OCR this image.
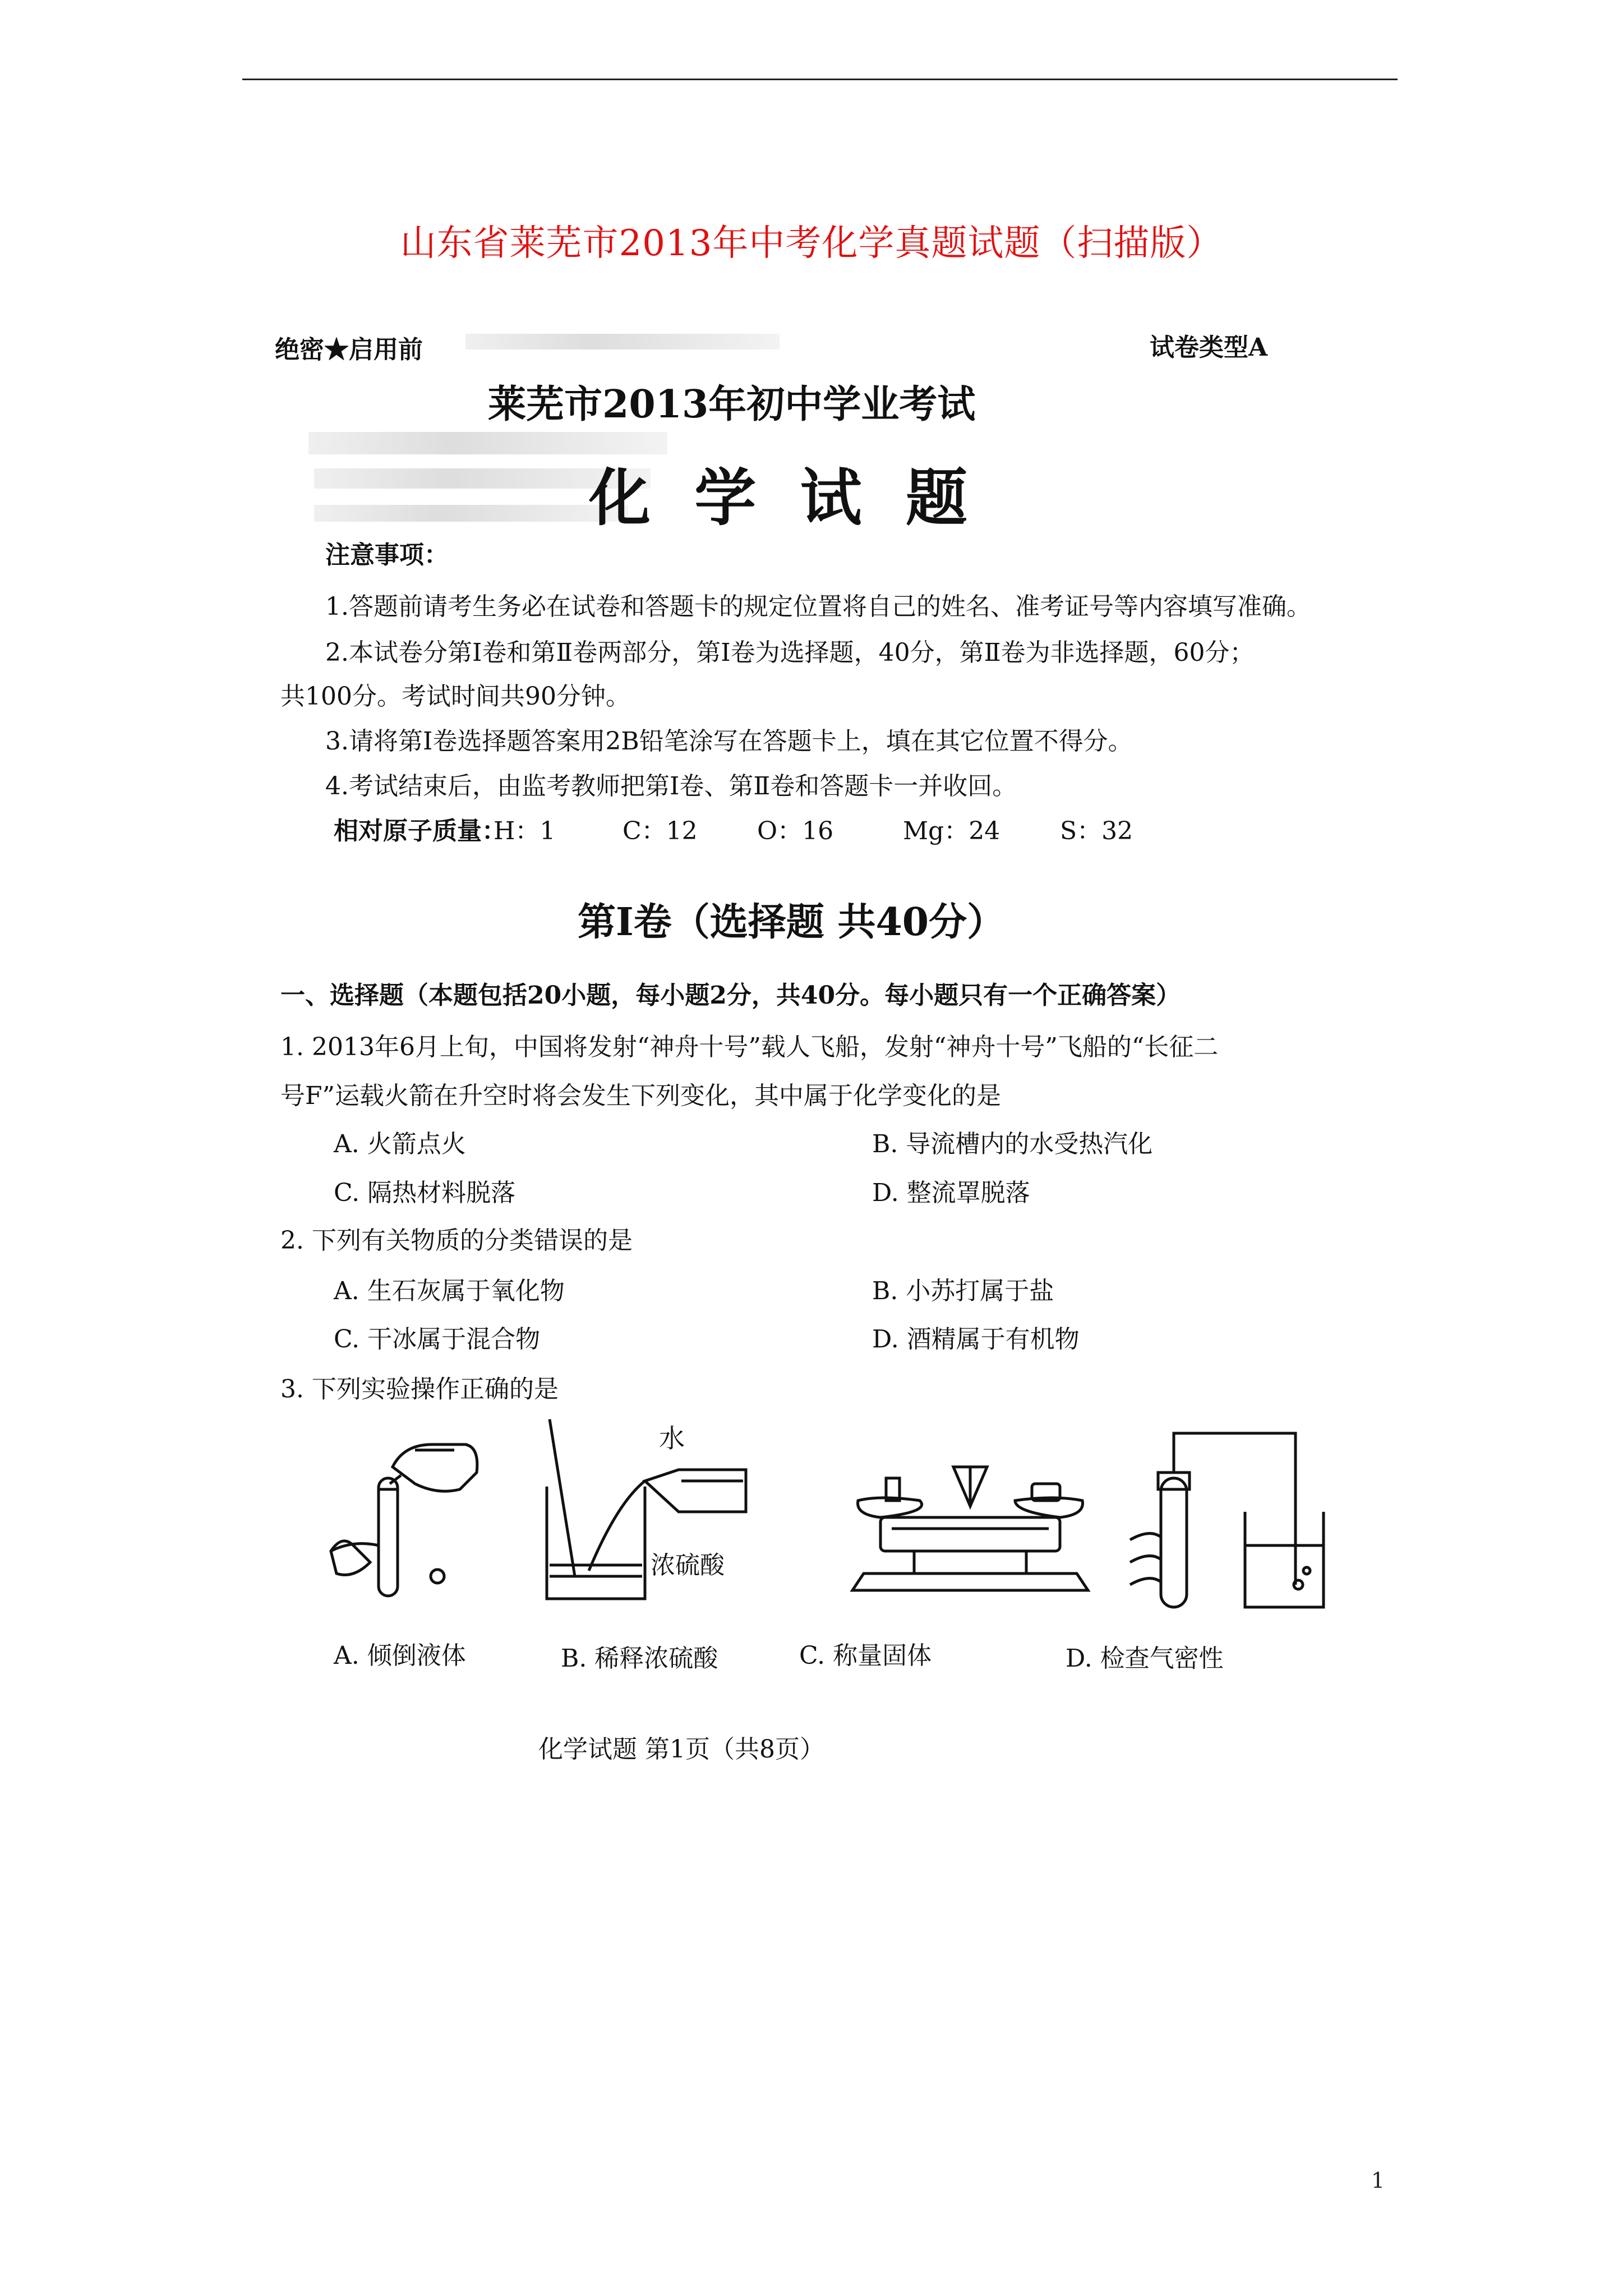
山东省莱芜市2013年中考化学真题试题（扫描版）
绝密★启用前	试卷类型A
莱芜市2013年初中学业考试
化 学 试 题
注意事项：
1.答题前请考生务必在试卷和答题卡的规定位置将自己的姓名、准考证号等内容填写准确。
2.本试卷分第Ⅰ卷和第Ⅱ卷两部分，第Ⅰ卷为选择题，40分，第Ⅱ卷为非选择题，60分；
共100分。考试时间共90分钟。
3.请将第Ⅰ卷选择题答案用2B铅笔涂写在答题卡上，填在其它位置不得分。
4.考试结束后，由监考教师把第Ⅰ卷、第Ⅱ卷和答题卡一并收回。
相对原子质量：
H：1	C：12 O：16	Mg：24 S：32
第Ⅰ卷（选择题 共40分）
一、选择题（本题包括20小题，每小题2分，共40分。每小题只有一个正确答案）
1. 2013年6月上旬，中国将发射“神舟十号”载人飞船，发射“神舟十号”飞船的“长征二
号F”运载火箭在升空时将会发生下列变化，其中属于化学变化的是
A. 火箭点火	B. 导流槽内的水受热汽化
C. 隔热材料脱落	D. 整流罩脱落
2. 下列有关物质的分类错误的是
A. 生石灰属于氧化物	B. 小苏打属于盐
C. 干冰属于混合物	D. 酒精属于有机物
3. 下列实验操作正确的是
水
浓硫酸
A. 倾倒液体	B. 稀释浓硫酸	C. 称量固体	D. 检查气密性
化学试题 第1页（共8页）
1
